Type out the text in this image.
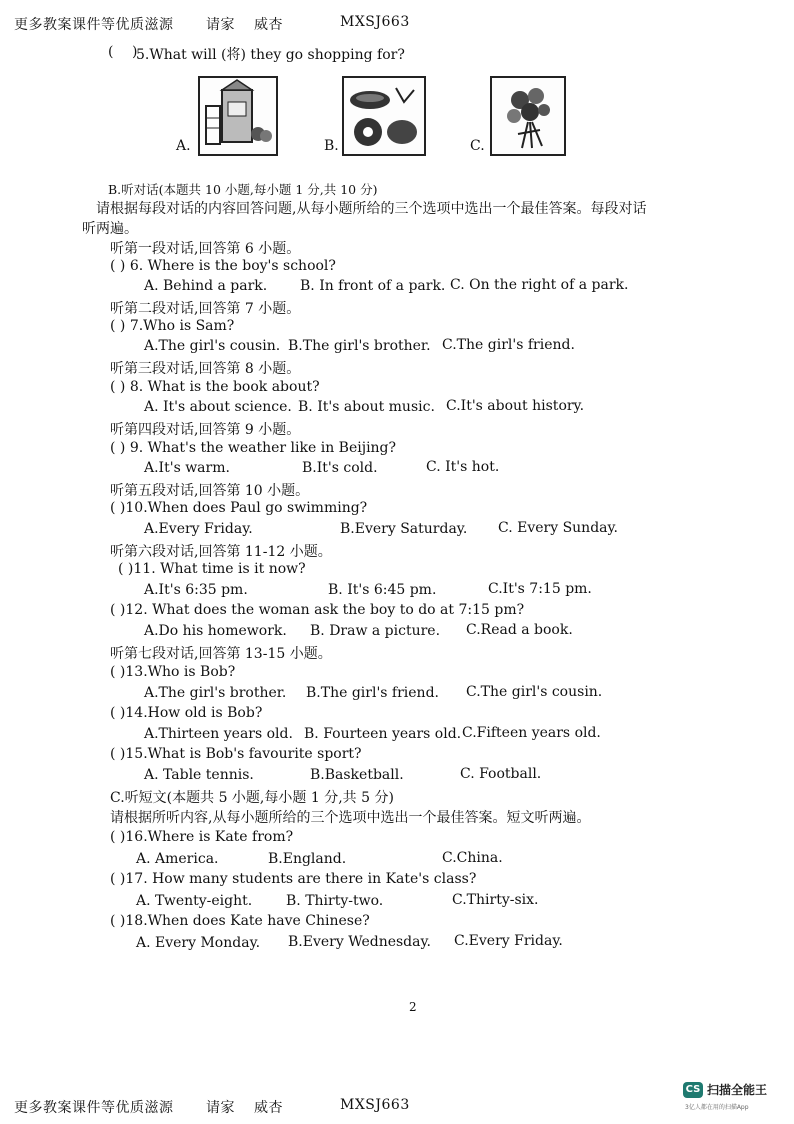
更多教案课件等优质滋源 请家 威杏	MXSJ663
( )
5.What will (将) they go shopping for?
A.	B.	C.
B.听对话(本题共 10 小题,每小题 1 分,共 10 分)
请根据每段对话的内容回答问题,从每小题所给的三个选项中选出一个最佳答案。每段对话
听两遍。
听第一段对话,回答第 6 小题。
( ) 6. Where is the boy's school?
A. Behind a park. B. In front of a park. C. On the right of a park.
听第二段对话,回答第 7 小题。
( ) 7.Who is Sam?
A.The girl's cousin. B.The girl's brother. C.The girl's friend.
听第三段对话,回答第 8 小题。
( ) 8. What is the book about?
A. It's about science. B. It's about music. C.It's about history.
听第四段对话,回答第 9 小题。
( ) 9. What's the weather like in Beijing?
A.It's warm.	B.It's cold.	C. It's hot.
听第五段对话,回答第 10 小题。
( )10.When does Paul go swimming?
A.Every Friday.	B.Every Saturday. C. Every Sunday.
听第六段对话,回答第 11-12 小题。
( )11. What time is it now?
A.It's 6:35 pm.	B. It's 6:45 pm.	C.It's 7:15 pm.
( )12. What does the woman ask the boy to do at 7:15 pm?
A.Do his homework. B. Draw a picture. C.Read a book.
听第七段对话,回答第 13-15 小题。
( )13.Who is Bob?
A.The girl's brother. B.The girl's friend. C.The girl's cousin.
( )14.How old is Bob?
A.Thirteen years old. B. Fourteen years old. C.Fifteen years old.
( )15.What is Bob's favourite sport?
A. Table tennis.	B.Basketball.	C. Football.
C.听短文(本题共 5 小题,每小题 1 分,共 5 分)
请根据所听内容,从每小题所给的三个选项中选出一个最佳答案。短文听两遍。
( )16.Where is Kate from?
A. America.	B.England.	C.China.
( )17. How many students are there in Kate's class?
A. Twenty-eight. B. Thirty-two.	C.Thirty-six.
( )18.When does Kate have Chinese?
A. Every Monday. B.Every Wednesday. C.Every Friday.
2
更多教案课件等优质滋源 请家 威杏	MXSJ663
CS 扫描全能王
3亿人都在用的扫描App
